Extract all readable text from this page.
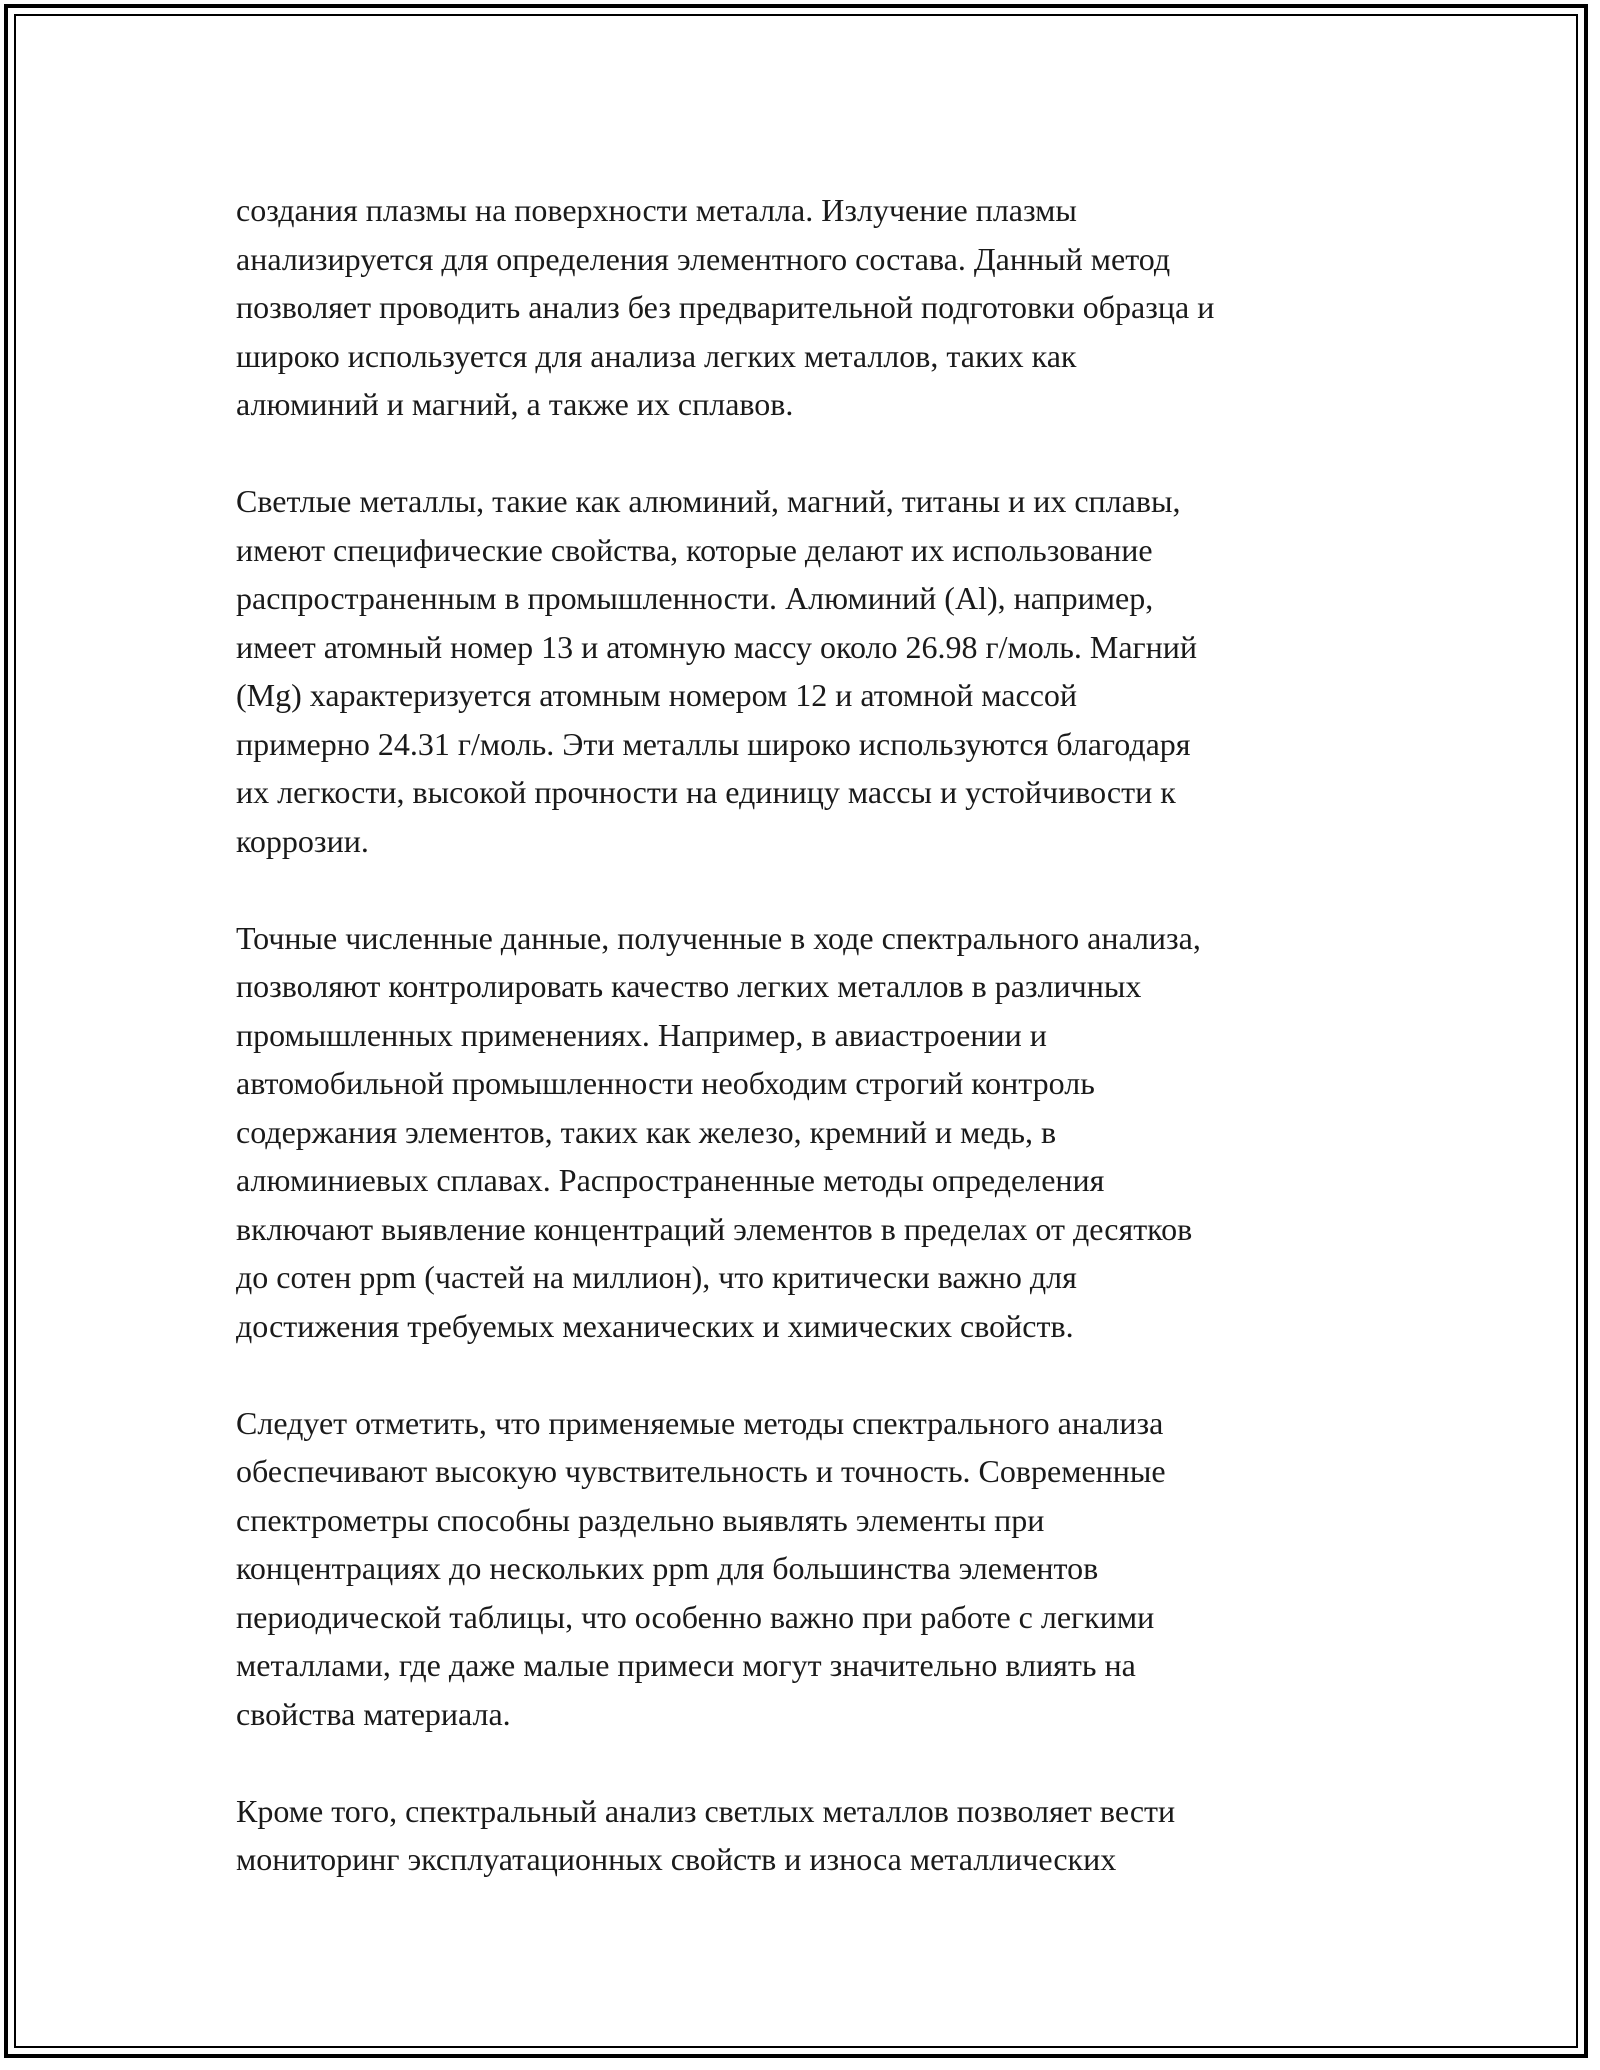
создания плазмы на поверхности металла. Излучение плазмы
анализируется для определения элементного состава. Данный метод
позволяет проводить анализ без предварительной подготовки образца и
широко используется для анализа легких металлов, таких как
алюминий и магний, а также их сплавов.

Светлые металлы, такие как алюминий, магний, титаны и их сплавы,
имеют специфические свойства, которые делают их использование
распространенным в промышленности. Алюминий (Al), например,
имеет атомный номер 13 и атомную массу около 26.98 г/моль. Магний
(Mg) характеризуется атомным номером 12 и атомной массой
примерно 24.31 г/моль. Эти металлы широко используются благодаря
их легкости, высокой прочности на единицу массы и устойчивости к
коррозии.

Точные численные данные, полученные в ходе спектрального анализа,
позволяют контролировать качество легких металлов в различных
промышленных применениях. Например, в авиастроении и
автомобильной промышленности необходим строгий контроль
содержания элементов, таких как железо, кремний и медь, в
алюминиевых сплавах. Распространенные методы определения
включают выявление концентраций элементов в пределах от десятков
до сотен ppm (частей на миллион), что критически важно для
достижения требуемых механических и химических свойств.

Следует отметить, что применяемые методы спектрального анализа
обеспечивают высокую чувствительность и точность. Современные
спектрометры способны раздельно выявлять элементы при
концентрациях до нескольких ppm для большинства элементов
периодической таблицы, что особенно важно при работе с легкими
металлами, где даже малые примеси могут значительно влиять на
свойства материала.

Кроме того, спектральный анализ светлых металлов позволяет вести
мониторинг эксплуатационных свойств и износа металлических
